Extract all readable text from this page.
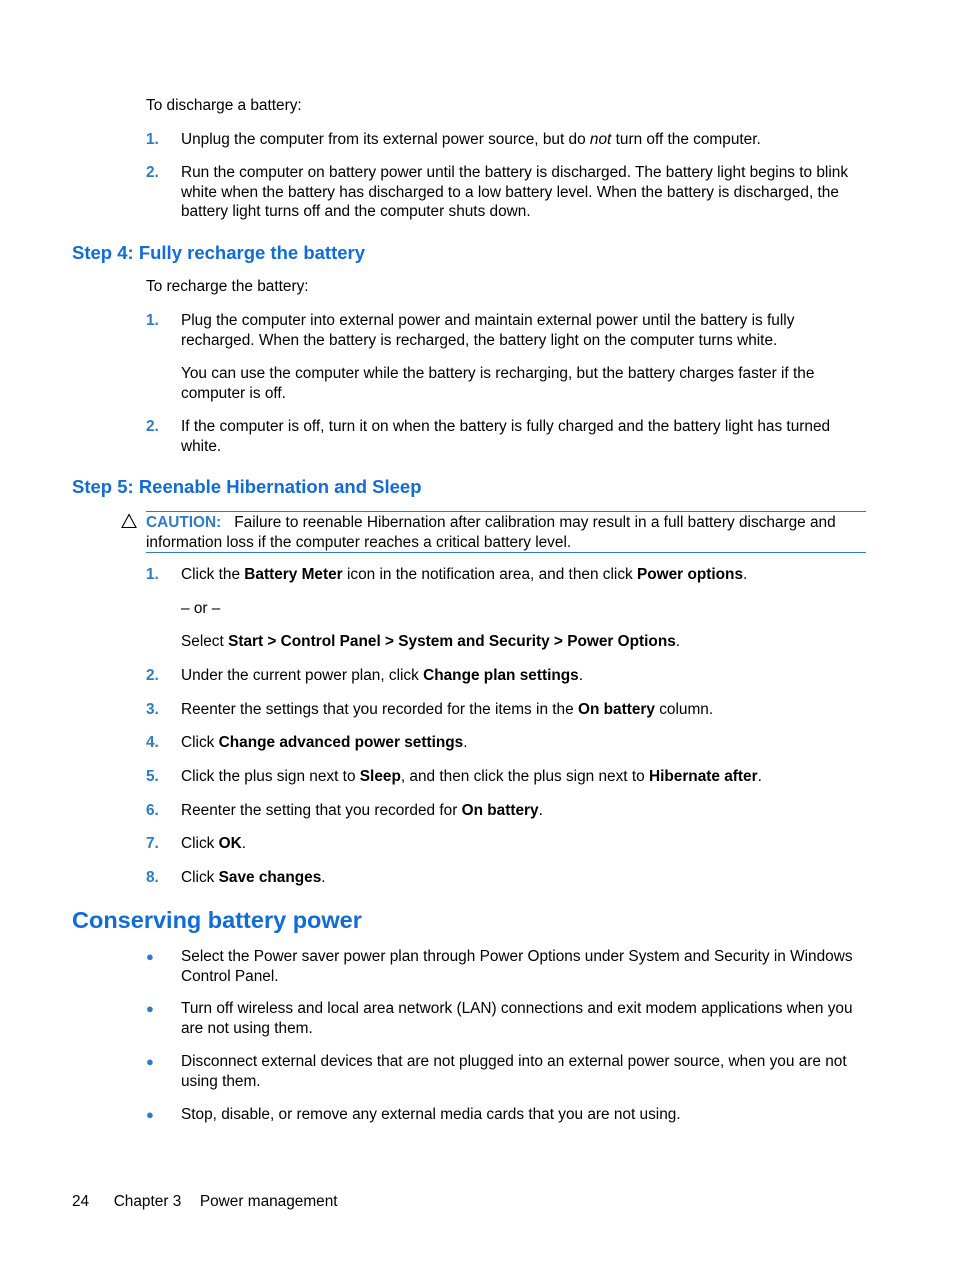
To discharge a battery:

1. Unplug the computer from its external power source, but do not turn off the computer.
2. Run the computer on battery power until the battery is discharged. The battery light begins to blink white when the battery has discharged to a low battery level. When the battery is discharged, the battery light turns off and the computer shuts down.
Step 4: Fully recharge the battery

To recharge the battery:

1. Plug the computer into external power and maintain external power until the battery is fully recharged. When the battery is recharged, the battery light on the computer turns white.
You can use the computer while the battery is recharging, but the battery charges faster if the computer is off.
2. If the computer is off, turn it on when the battery is fully charged and the battery light has turned white.
Step 5: Reenable Hibernation and Sleep
CAUTION: Failure to reenable Hibernation after calibration may result in a full battery discharge and information loss if the computer reaches a critical battery level.
1. Click the Battery Meter icon in the notification area, and then click Power options.
– or –
Select Start > Control Panel > System and Security > Power Options.
2. Under the current power plan, click Change plan settings.
3. Reenter the settings that you recorded for the items in the On battery column.
4. Click Change advanced power settings.
5. Click the plus sign next to Sleep, and then click the plus sign next to Hibernate after.
6. Reenter the setting that you recorded for On battery.
7. Click OK.
8. Click Save changes.
Conserving battery power
● Select the Power saver power plan through Power Options under System and Security in Windows Control Panel.
● Turn off wireless and local area network (LAN) connections and exit modem applications when you are not using them.
● Disconnect external devices that are not plugged into an external power source, when you are not using them.
● Stop, disable, or remove any external media cards that you are not using.
24 Chapter 3 Power management
